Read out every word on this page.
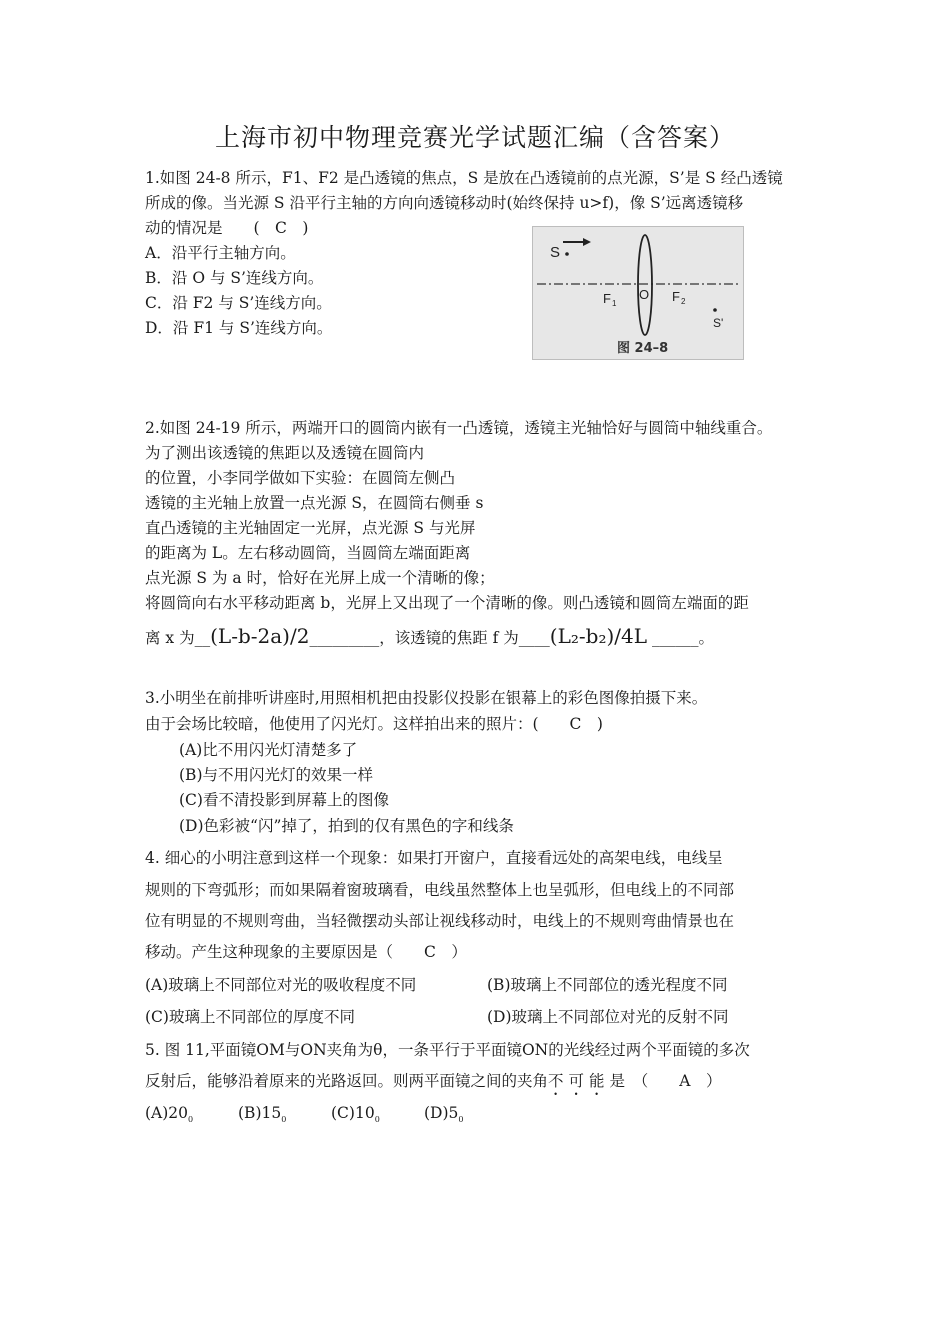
上海市初中物理竞赛光学试题汇编（含答案）
1.如图 24-8 所示，F1、F2 是凸透镜的焦点，S 是放在凸透镜前的点光源，S’是 S 经凸透镜
所成的像。当光源 S 沿平行主轴的方向向透镜移动时(始终保持 u>f)，像 S’远离透镜移
动的情况是　　(　C　)
A．沿平行主轴方向。
B．沿 O 与 S’连线方向。
C．沿 F2 与 S’连线方向。
D．沿 F1 与 S’连线方向。
S
F 1
O F 2
S'
图 24–8
2.如图 24-19 所示，两端开口的圆筒内嵌有一凸透镜，透镜主光轴恰好与圆筒中轴线重合。
为了测出该透镜的焦距以及透镜在圆筒内
的位置，小李同学做如下实验：在圆筒左侧凸
透镜的主光轴上放置一点光源 S，在圆筒右侧垂 s
直凸透镜的主光轴固定一光屏，点光源 S 与光屏
的距离为 L。左右移动圆筒，当圆筒左端面距离
点光源 S 为 a 时，恰好在光屏上成一个清晰的像；
将圆筒向右水平移动距离 b，光屏上又出现了一个清晰的像。则凸透镜和圆筒左端面的距
离 x 为__(L-b-2a)/2_________，该透镜的焦距 f 为____(L₂-b₂)/4L ______。
3.小明坐在前排听讲座时,用照相机把由投影仪投影在银幕上的彩色图像拍摄下来。
由于会场比较暗，他使用了闪光灯。这样拍出来的照片：(　　C　)
(A)比不用闪光灯清楚多了
(B)与不用闪光灯的效果一样
(C)看不清投影到屏幕上的图像
(D)色彩被“闪”掉了，拍到的仅有黑色的字和线条
4. 细心的小明注意到这样一个现象：如果打开窗户，直接看远处的高架电线，电线呈
规则的下弯弧形；而如果隔着窗玻璃看，电线虽然整体上也呈弧形，但电线上的不同部
位有明显的不规则弯曲，当轻微摆动头部让视线移动时，电线上的不规则弯曲情景也在
移动。产生这种现象的主要原因是（　　C　）
(A)玻璃上不同部位对光的吸收程度不同	(B)玻璃上不同部位的透光程度不同
(C)玻璃上不同部位的厚度不同	(D)玻璃上不同部位对光的反射不同
5. 图 11,平面镜OM与ON夹角为θ，一条平行于平面镜ON的光线经过两个平面镜的多次
反射后，能够沿着原来的光路返回。则两平面镜之间的夹角不可能是　（　　A　）
$(A)20_0$	$(B)15_0$	$(C)10_0$	$(D)5_0$
